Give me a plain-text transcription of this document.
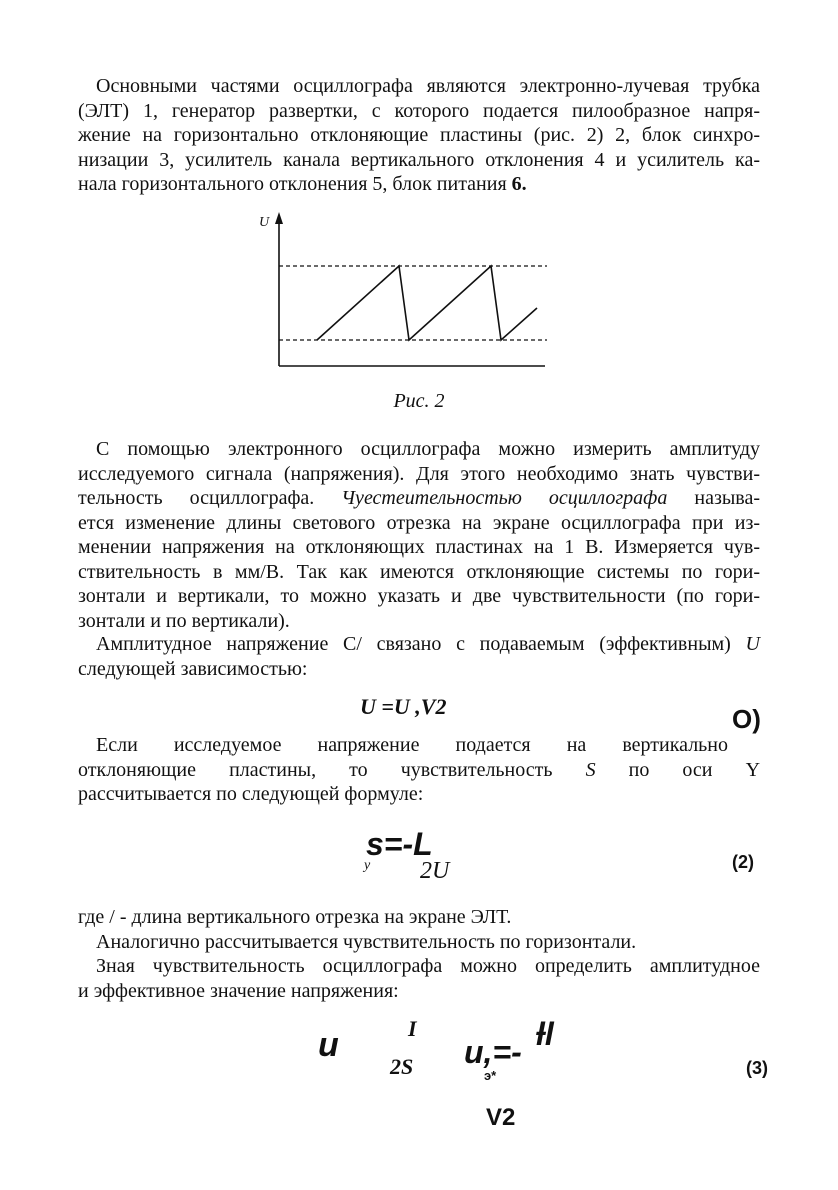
Основными частями осциллографа являются электронно-лучевая трубка
(ЭЛТ) 1, генератор развертки, с которого подается пилообразное напря-
жение на горизонтально отклоняющие пластины (рис. 2) 2, блок синхро-
низации 3, усилитель канала вертикального отклонения 4 и усилитель ка-
нала горизонтального отклонения 5, блок питания 6.
U
Рис. 2
С помощью электронного осциллографа можно измерить амплитуду
исследуемого сигнала (напряжения). Для этого необходимо знать чувстви-
тельность осциллографа. Чуестеительностью осциллографа называ-
ется изменение длины светового отрезка на экране осциллографа при из-
менении напряжения на отклоняющих пластинах на 1 В. Измеряется чув-
ствительность в мм/В. Так как имеются отклоняющие системы по гори-
зонтали и вертикали, то можно указать и две чувствительности (по гори-
зонтали и по вертикали).
Амплитудное напряжение С/ связано с подаваемым (эффективным) U
следующей зависимостью:
U =U ,V2	О)
Если исследуемое напряжение подается на вертикально
отклоняющие пластины, то чувствительность S по оси Y
рассчитывается по следующей формуле:
s=-L
y 2U	(2)
где / - длина вертикального отрезка на экране ЭЛТ.
Аналогично рассчитывается чувствительность по горизонтали.
Зная чувствительность осциллографа можно определить амплитудное
и эффективное значение напряжения:
u	I
2S u,=-
э*
ƚl
(3)
V2
